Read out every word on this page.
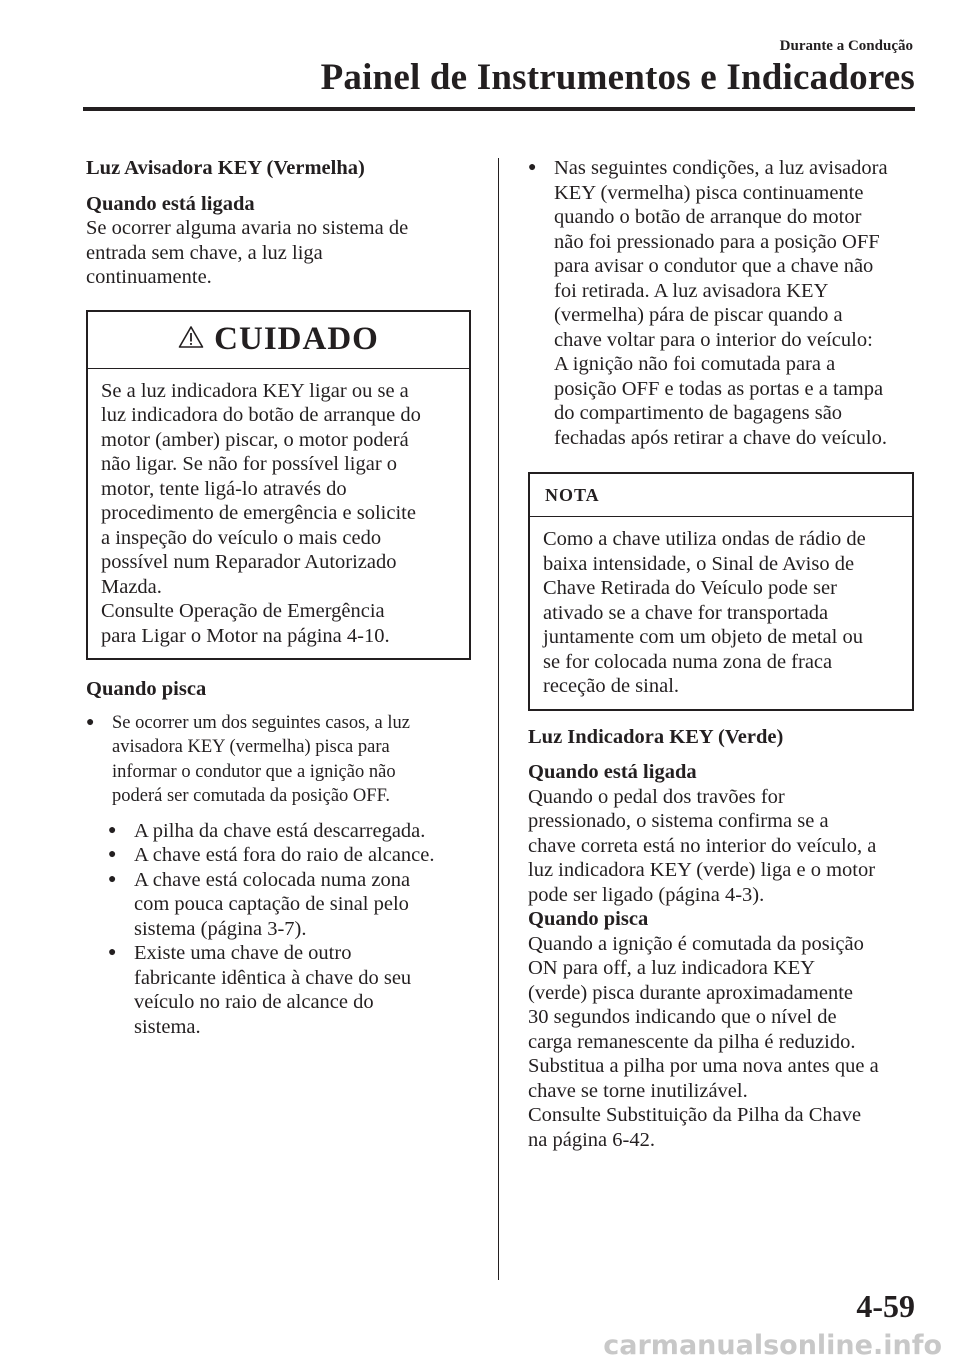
Durante a Condução
Painel de Instrumentos e Indicadores
Luz Avisadora KEY (Vermelha)
Quando está ligada
Se ocorrer alguma avaria no sistema de
entrada sem chave, a luz liga
continuamente.
CUIDADO
Se a luz indicadora KEY ligar ou se a
luz indicadora do botão de arranque do
motor (amber) piscar, o motor poderá
não ligar. Se não for possível ligar o
motor, tente ligá-lo através do
procedimento de emergência e solicite
a inspeção do veículo o mais cedo
possível num Reparador Autorizado
Mazda.
Consulte Operação de Emergência
para Ligar o Motor na página 4-10.
Quando pisca
● Se ocorrer um dos seguintes casos, a luz
avisadora KEY (vermelha) pisca para
informar o condutor que a ignição não
poderá ser comutada da posição OFF.
● A pilha da chave está descarregada.
● A chave está fora do raio de alcance.
● A chave está colocada numa zona
com pouca captação de sinal pelo
sistema (página 3-7).
● Existe uma chave de outro
fabricante idêntica à chave do seu
veículo no raio de alcance do
sistema.
● Nas seguintes condições, a luz avisadora
KEY (vermelha) pisca continuamente
quando o botão de arranque do motor
não foi pressionado para a posição OFF
para avisar o condutor que a chave não
foi retirada. A luz avisadora KEY
(vermelha) pára de piscar quando a
chave voltar para o interior do veículo:
A ignição não foi comutada para a
posição OFF e todas as portas e a tampa
do compartimento de bagagens são
fechadas após retirar a chave do veículo.
NOTA
Como a chave utiliza ondas de rádio de
baixa intensidade, o Sinal de Aviso de
Chave Retirada do Veículo pode ser
ativado se a chave for transportada
juntamente com um objeto de metal ou
se for colocada numa zona de fraca
receção de sinal.
Luz Indicadora KEY (Verde)
Quando está ligada
Quando o pedal dos travões for
pressionado, o sistema confirma se a
chave correta está no interior do veículo, a
luz indicadora KEY (verde) liga e o motor
pode ser ligado (página 4-3).
Quando pisca
Quando a ignição é comutada da posição
ON para off, a luz indicadora KEY
(verde) pisca durante aproximadamente
30 segundos indicando que o nível de
carga remanescente da pilha é reduzido.
Substitua a pilha por uma nova antes que a
chave se torne inutilizável.
Consulte Substituição da Pilha da Chave
na página 6-42.
4-59
carmanualsonline.info
